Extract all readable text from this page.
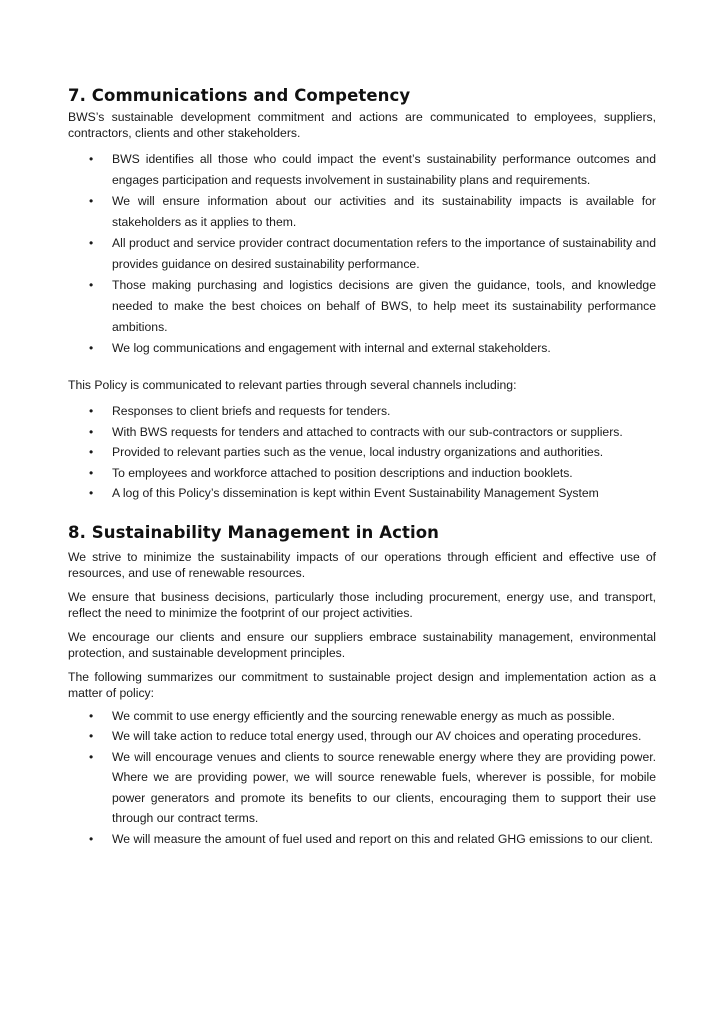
7. Communications and Competency

BWS’s sustainable development commitment and actions are communicated to employees, suppliers, contractors, clients and other stakeholders.

• BWS identifies all those who could impact the event’s sustainability performance outcomes and engages participation and requests involvement in sustainability plans and requirements.
• We will ensure information about our activities and its sustainability impacts is available for stakeholders as it applies to them.
• All product and service provider contract documentation refers to the importance of sustainability and provides guidance on desired sustainability performance.
• Those making purchasing and logistics decisions are given the guidance, tools, and knowledge needed to make the best choices on behalf of BWS, to help meet its sustainability performance ambitions.
• We log communications and engagement with internal and external stakeholders.

This Policy is communicated to relevant parties through several channels including:

• Responses to client briefs and requests for tenders.
• With BWS requests for tenders and attached to contracts with our sub-contractors or suppliers.
• Provided to relevant parties such as the venue, local industry organizations and authorities.
• To employees and workforce attached to position descriptions and induction booklets.
• A log of this Policy’s dissemination is kept within Event Sustainability Management System
8. Sustainability Management in Action

We strive to minimize the sustainability impacts of our operations through efficient and effective use of resources, and use of renewable resources.

We ensure that business decisions, particularly those including procurement, energy use, and transport, reflect the need to minimize the footprint of our project activities.

We encourage our clients and ensure our suppliers embrace sustainability management, environmental protection, and sustainable development principles.

The following summarizes our commitment to sustainable project design and implementation action as a matter of policy:

• We commit to use energy efficiently and the sourcing renewable energy as much as possible.
• We will take action to reduce total energy used, through our AV choices and operating procedures.
• We will encourage venues and clients to source renewable energy where they are providing power. Where we are providing power, we will source renewable fuels, wherever is possible, for mobile power generators and promote its benefits to our clients, encouraging them to support their use through our contract terms.
• We will measure the amount of fuel used and report on this and related GHG emissions to our client.
